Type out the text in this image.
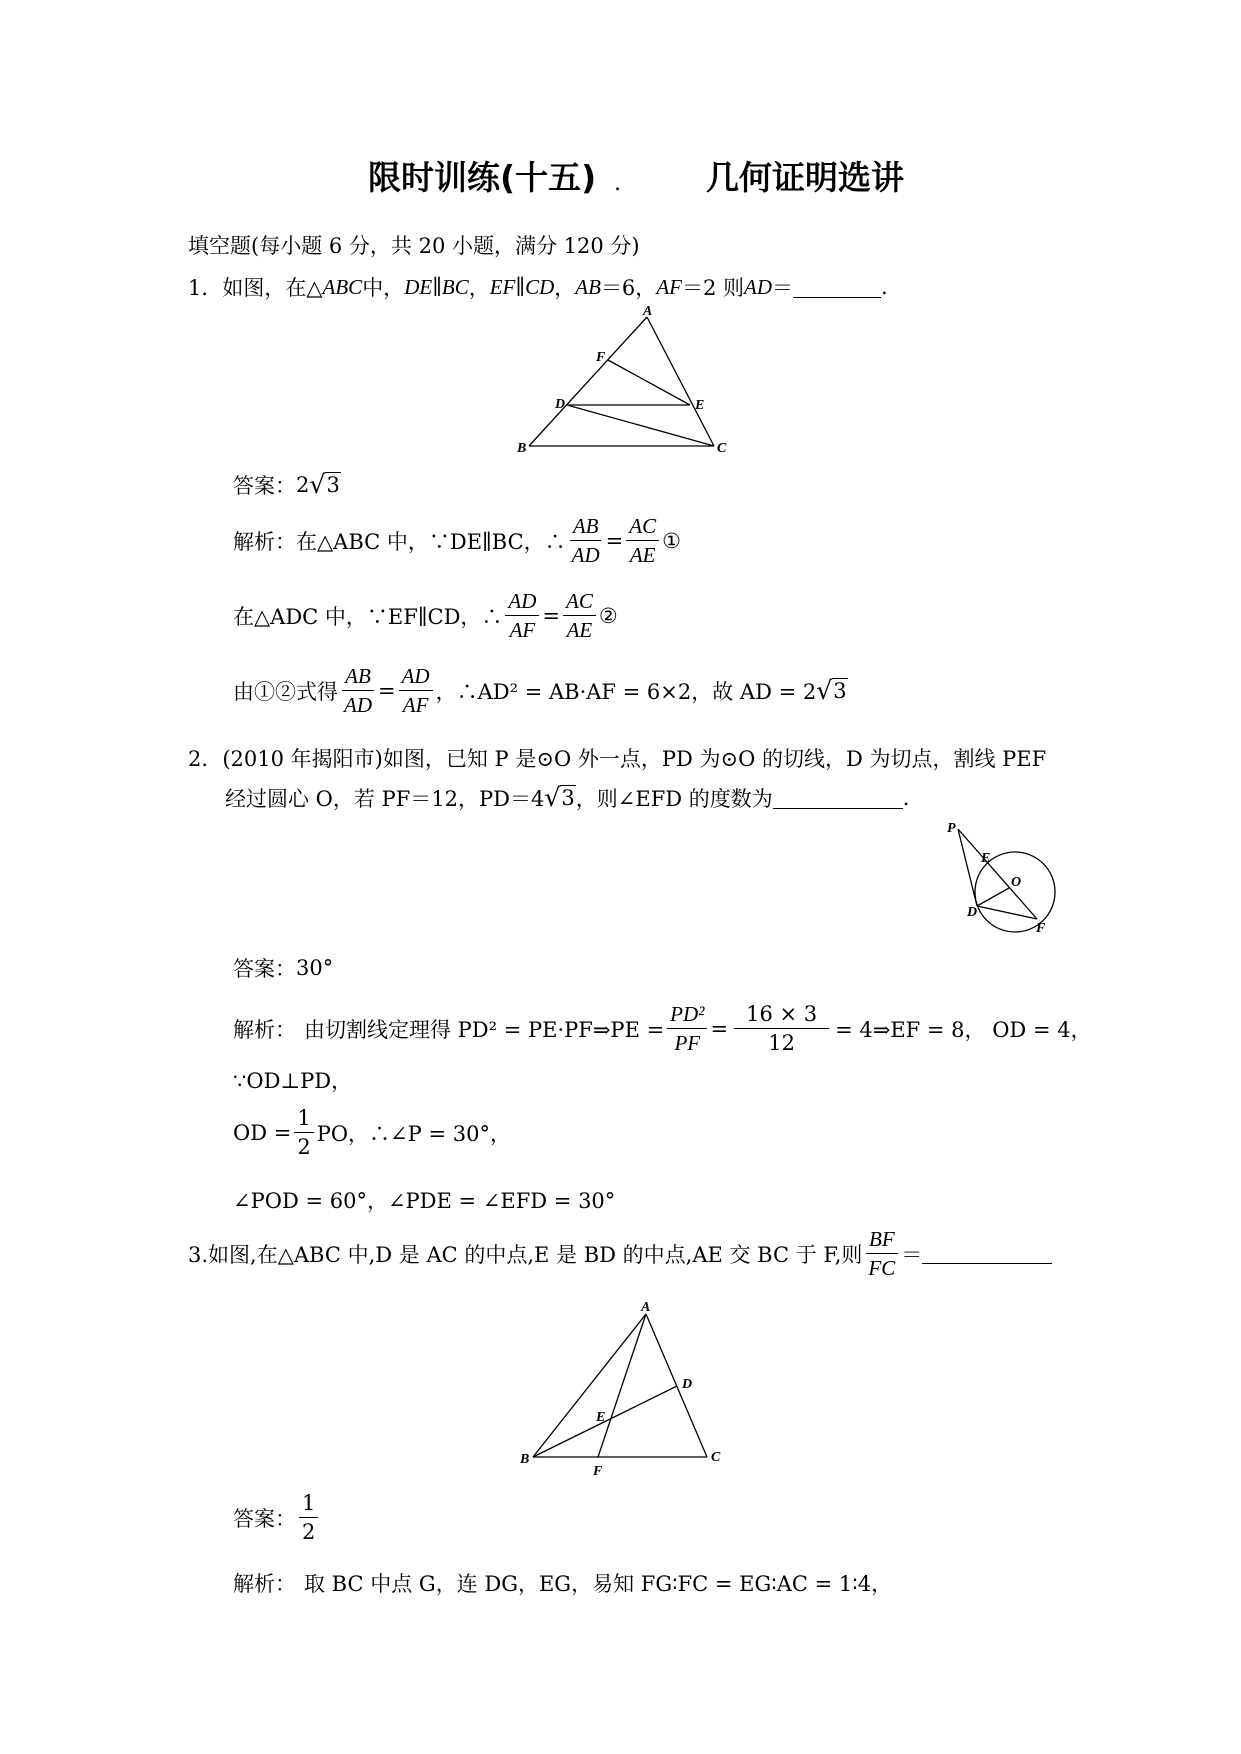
限时训练(十五) .	几何证明选讲
填空题(每小题 6 分，共 20 小题，满分 120 分)
1．如图，在△ ABC 中， DE ∥ BC ， EF ∥ CD ， AB ＝6， AF ＝2 则 AD ＝	.
A
F
D	E
B	C
答案： 2 √ 3
解析： 在△ABC 中，∵DE∥BC，∴ $\frac{AB}{AD} = \frac{AC}{AE}$ ①
在△ADC 中，∵EF∥CD，∴ $\frac{AD}{AF} = \frac{AC}{AE}$ ②
由①②式得 $\frac{AB}{AD} = \frac{AD}{AF}$ ，∴AD² = AB·AF = 6×2，故 AD = 2 √ 3
2．(2010 年揭阳市)如图，已知 P 是⊙O 外一点，PD 为⊙O 的切线，D 为切点，割线 PEF
经过圆心 O，若 PF＝12，PD＝4 √ 3 ，则∠EFD 的度数为	.
P
E
O
D
F
答案： 30°
解析： 由切割线定理得 PD² = PE·PF⇒PE = $\frac{\text{PD²}}{PF} = \frac{16 \times 3}{12}$ = 4⇒EF = 8， OD = 4，
∵OD⊥PD，
OD = $\frac{1}{2}$ PO，∴∠P = 30°，
∠POD = 60°，∠PDE = ∠EFD = 30°
3.如图,在△ABC 中,D 是 AC 的中点,E 是 BD 的中点,AE 交 BC 于 F,则 $\frac{BF}{FC}$ ＝
A
D
E
B
F
C
答案： $\frac{1}{2}$
解析： 取 BC 中点 G，连 DG，EG，易知 FG∶FC = EG∶AC = 1∶4，
